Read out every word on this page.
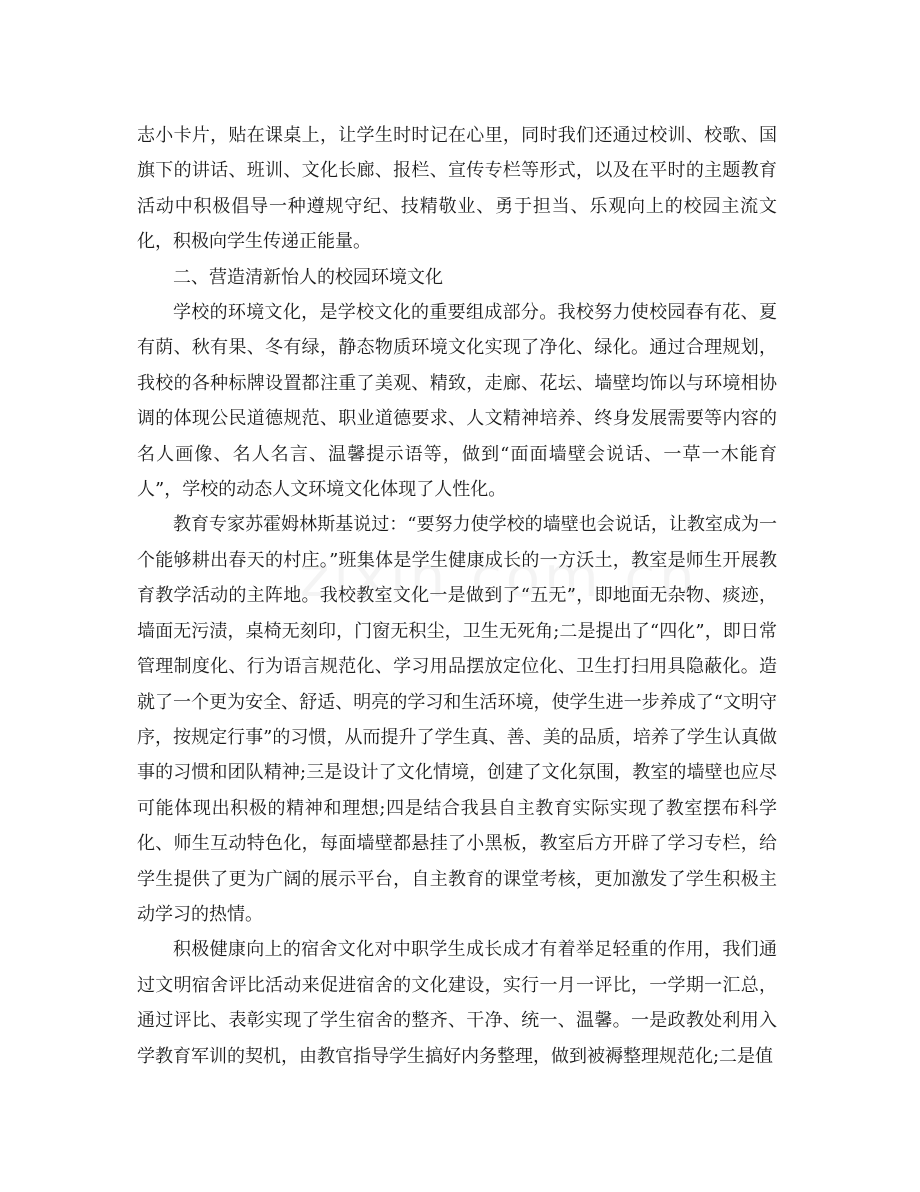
志小卡片，贴在课桌上，让学生时时记在心里，同时我们还通过校训、校歌、国旗下的讲话、班训、文化长廊、报栏、宣传专栏等形式，以及在平时的主题教育活动中积极倡导一种遵规守纪、技精敬业、勇于担当、乐观向上的校园主流文化，积极向学生传递正能量。

二、营造清新怡人的校园环境文化

学校的环境文化，是学校文化的重要组成部分。我校努力使校园春有花、夏有荫、秋有果、冬有绿，静态物质环境文化实现了净化、绿化。通过合理规划，我校的各种标牌设置都注重了美观、精致，走廊、花坛、墙壁均饰以与环境相协调的体现公民道德规范、职业道德要求、人文精神培养、终身发展需要等内容的名人画像、名人名言、温馨提示语等，做到“面面墙壁会说话、一草一木能育人”，学校的动态人文环境文化体现了人性化。

教育专家苏霍姆林斯基说过：“要努力使学校的墙壁也会说话，让教室成为一个能够耕出春天的村庄。”班集体是学生健康成长的一方沃土，教室是师生开展教育教学活动的主阵地。我校教室文化一是做到了“五无”，即地面无杂物、痰迹，墙面无污渍，桌椅无刻印，门窗无积尘，卫生无死角;二是提出了“四化”，即日常管理制度化、行为语言规范化、学习用品摆放定位化、卫生打扫用具隐蔽化。造就了一个更为安全、舒适、明亮的学习和生活环境，使学生进一步养成了“文明守序，按规定行事”的习惯，从而提升了学生真、善、美的品质，培养了学生认真做事的习惯和团队精神;三是设计了文化情境，创建了文化氛围，教室的墙壁也应尽可能体现出积极的精神和理想;四是结合我县自主教育实际实现了教室摆布科学化、师生互动特色化，每面墙壁都悬挂了小黑板，教室后方开辟了学习专栏，给学生提供了更为广阔的展示平台，自主教育的课堂考核，更加激发了学生积极主动学习的热情。

积极健康向上的宿舍文化对中职学生成长成才有着举足轻重的作用，我们通过文明宿舍评比活动来促进宿舍的文化建设，实行一月一评比，一学期一汇总，通过评比、表彰实现了学生宿舍的整齐、干净、统一、温馨。一是政教处利用入学教育军训的契机，由教官指导学生搞好内务整理，做到被褥整理规范化;二是值
